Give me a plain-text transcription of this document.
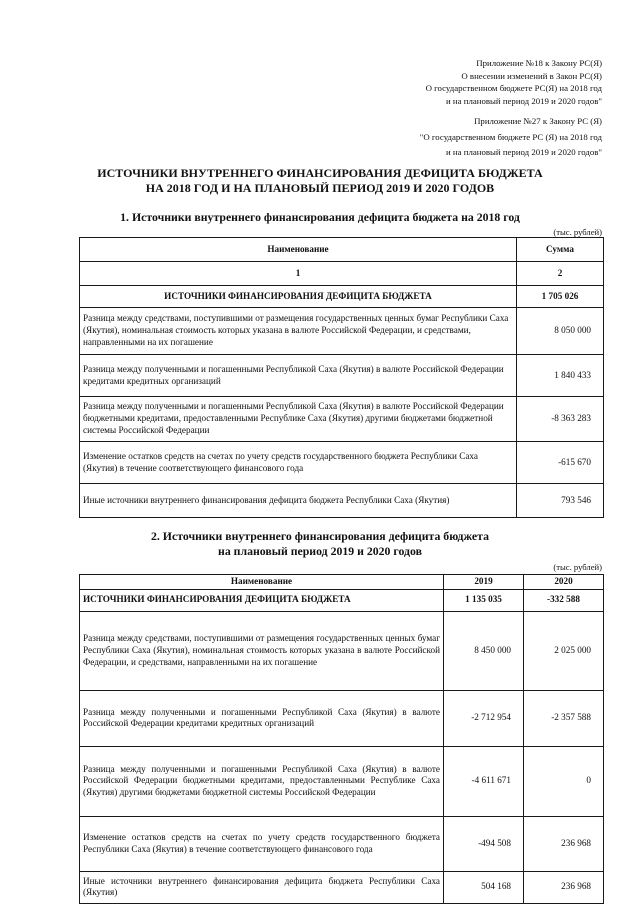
Приложение №18 к Закону РС(Я)
О внесении изменений в Закон РС(Я)
О государственном бюджете РС(Я) на 2018 год
и на плановый период 2019 и 2020 годов"
Приложение №27 к Закону РС (Я)
"О государственном бюджете РС (Я) на 2018 год
и на плановый период 2019 и 2020 годов"
ИСТОЧНИКИ ВНУТРЕННЕГО ФИНАНСИРОВАНИЯ ДЕФИЦИТА БЮДЖЕТА
НА 2018 ГОД И НА ПЛАНОВЫЙ ПЕРИОД 2019 И 2020 ГОДОВ
1. Источники внутреннего финансирования дефицита бюджета на 2018 год
(тыс. рублей)
Наименование	Сумма
1	2
ИСТОЧНИКИ ФИНАНСИРОВАНИЯ ДЕФИЦИТА БЮДЖЕТА	1 705 026
Разница между средствами, поступившими от размещения государственных ценных бумаг Республики Саха (Якутия), номинальная стоимость которых указана в валюте Российской Федерации, и средствами, направленными на их погашение	8 050 000
Разница между полученными и погашенными Республикой Саха (Якутия) в валюте Российской Федерации кредитами кредитных организаций	1 840 433
Разница между полученными и погашенными Республикой Саха (Якутия) в валюте Российской Федерации бюджетными кредитами, предоставленными Республике Саха (Якутия) другими бюджетами бюджетной системы Российской Федерации	-8 363 283
Изменение остатков средств на счетах по учету средств государственного бюджета Республики Саха (Якутия) в течение соответствующего финансового года	-615 670
Иные источники внутреннего финансирования дефицита бюджета Республики Саха (Якутия)	793 546
2. Источники внутреннего финансирования дефицита бюджета
на плановый период 2019 и 2020 годов
(тыс. рублей)
Наименование	2019	2020
ИСТОЧНИКИ ФИНАНСИРОВАНИЯ ДЕФИЦИТА БЮДЖЕТА	1 135 035	-332 588
Разница между средствами, поступившими от размещения государственных ценных бумаг Республики Саха (Якутия), номинальная стоимость которых указана в валюте Российской Федерации, и средствами, направленными на их погашение	8 450 000	2 025 000
Разница между полученными и погашенными Республикой Саха (Якутия) в валюте Российской Федерации кредитами кредитных организаций	-2 712 954	-2 357 588
Разница между полученными и погашенными Республикой Саха (Якутия) в валюте Российской Федерации бюджетными кредитами, предоставленными Республике Саха (Якутия) другими бюджетами бюджетной системы Российской Федерации	-4 611 671	0
Изменение остатков средств на счетах по учету средств государственного бюджета Республики Саха (Якутия) в течение соответствующего финансового года	-494 508	236 968
Иные источники внутреннего финансирования дефицита бюджета Республики Саха (Якутия)	504 168	236 968
